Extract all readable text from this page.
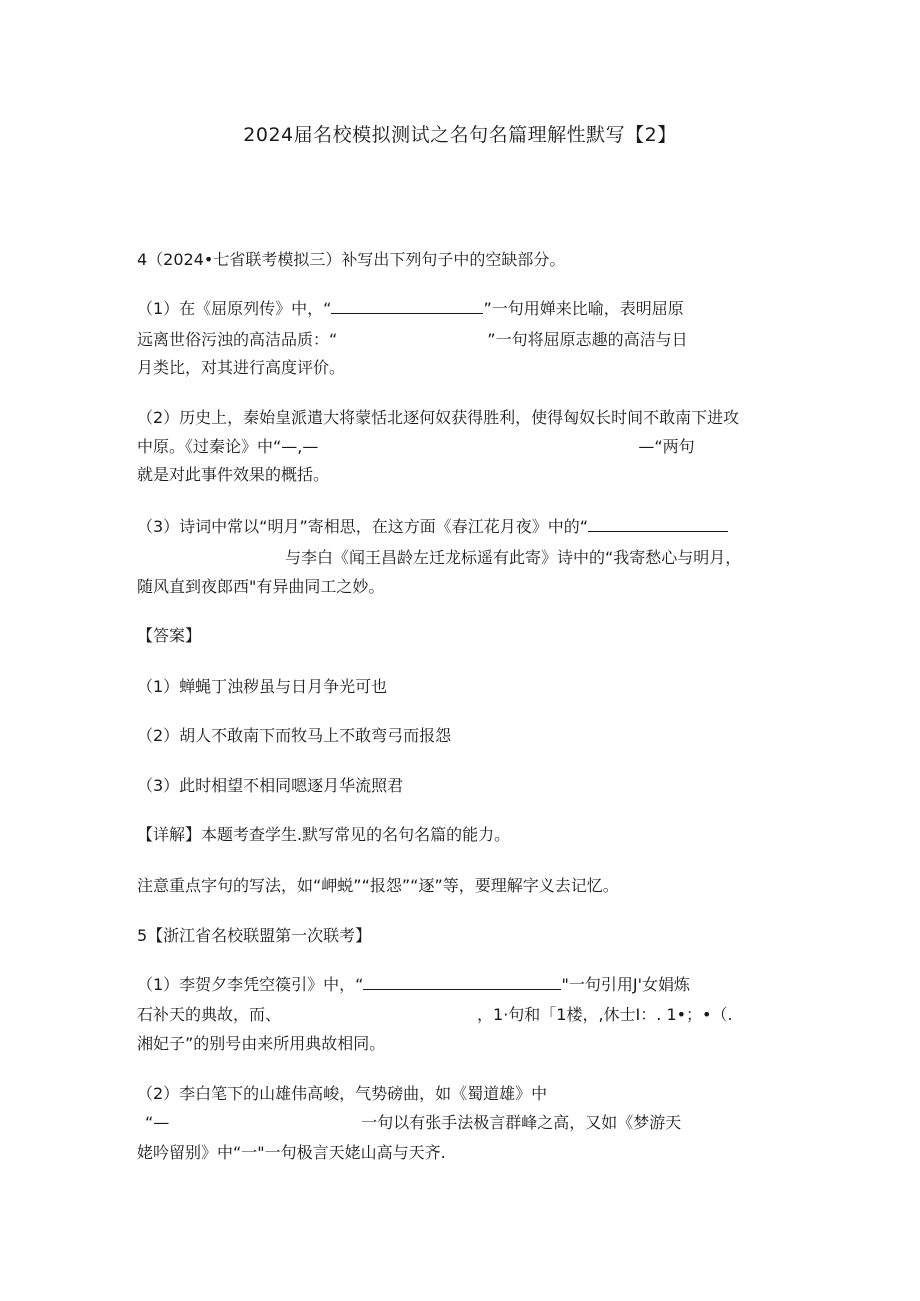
2024届名校模拟测试之名句名篇理解性默写【2】
4（2024•七省联考模拟三）补写出下列句子中的空缺部分。
（1）在《屈原列传》中，“	”一句用婵来比喻，表明屈原
远离世俗污浊的高洁品质：“	”一句将屈原志趣的高洁与日
月类比，对其进行高度评价。
（2）历史上，秦始皇派遣大将蒙恬北逐何奴获得胜利，使得匈奴长时间不敢南下进攻
中原。《过秦论》中“—,—	—“两句
就是对此事件效果的概括。
（3）诗词中常以“明月”寄相思，在这方面《春江花月夜》中的“
与李白《闻王昌龄左迁龙标遥有此寄》诗中的“我寄愁心与明月，
随风直到夜郎西"有异曲同工之妙。
【答案】
（1）蝉蝇丁浊秽虽与日月争光可也
（2）胡人不敢南下而牧马上不敢弯弓而报怨
（3）此时相望不相同嗯逐月华流照君
【详解】本题考查学生.默写常见的名句名篇的能力。
注意重点字句的写法，如“岬蜕”“报怨”“逐”等，要理解字义去记忆。
5【浙江省名校联盟第一次联考】
（1）李贺夕李凭空篌引》中，“	"一句引用J'女娟炼
石补天的典故，而、	，1·句和「1楼，,休士I：. 1•；•（.
湘妃子”的别号由来所用典故相同。
（2）李白笔下的山雄伟高峻，气势磅曲，如《蜀道雄》中
“—	一句以有张手法极言群峰之高，又如《梦游天
姥吟留别》中“一"一句极言天姥山高与天齐.
